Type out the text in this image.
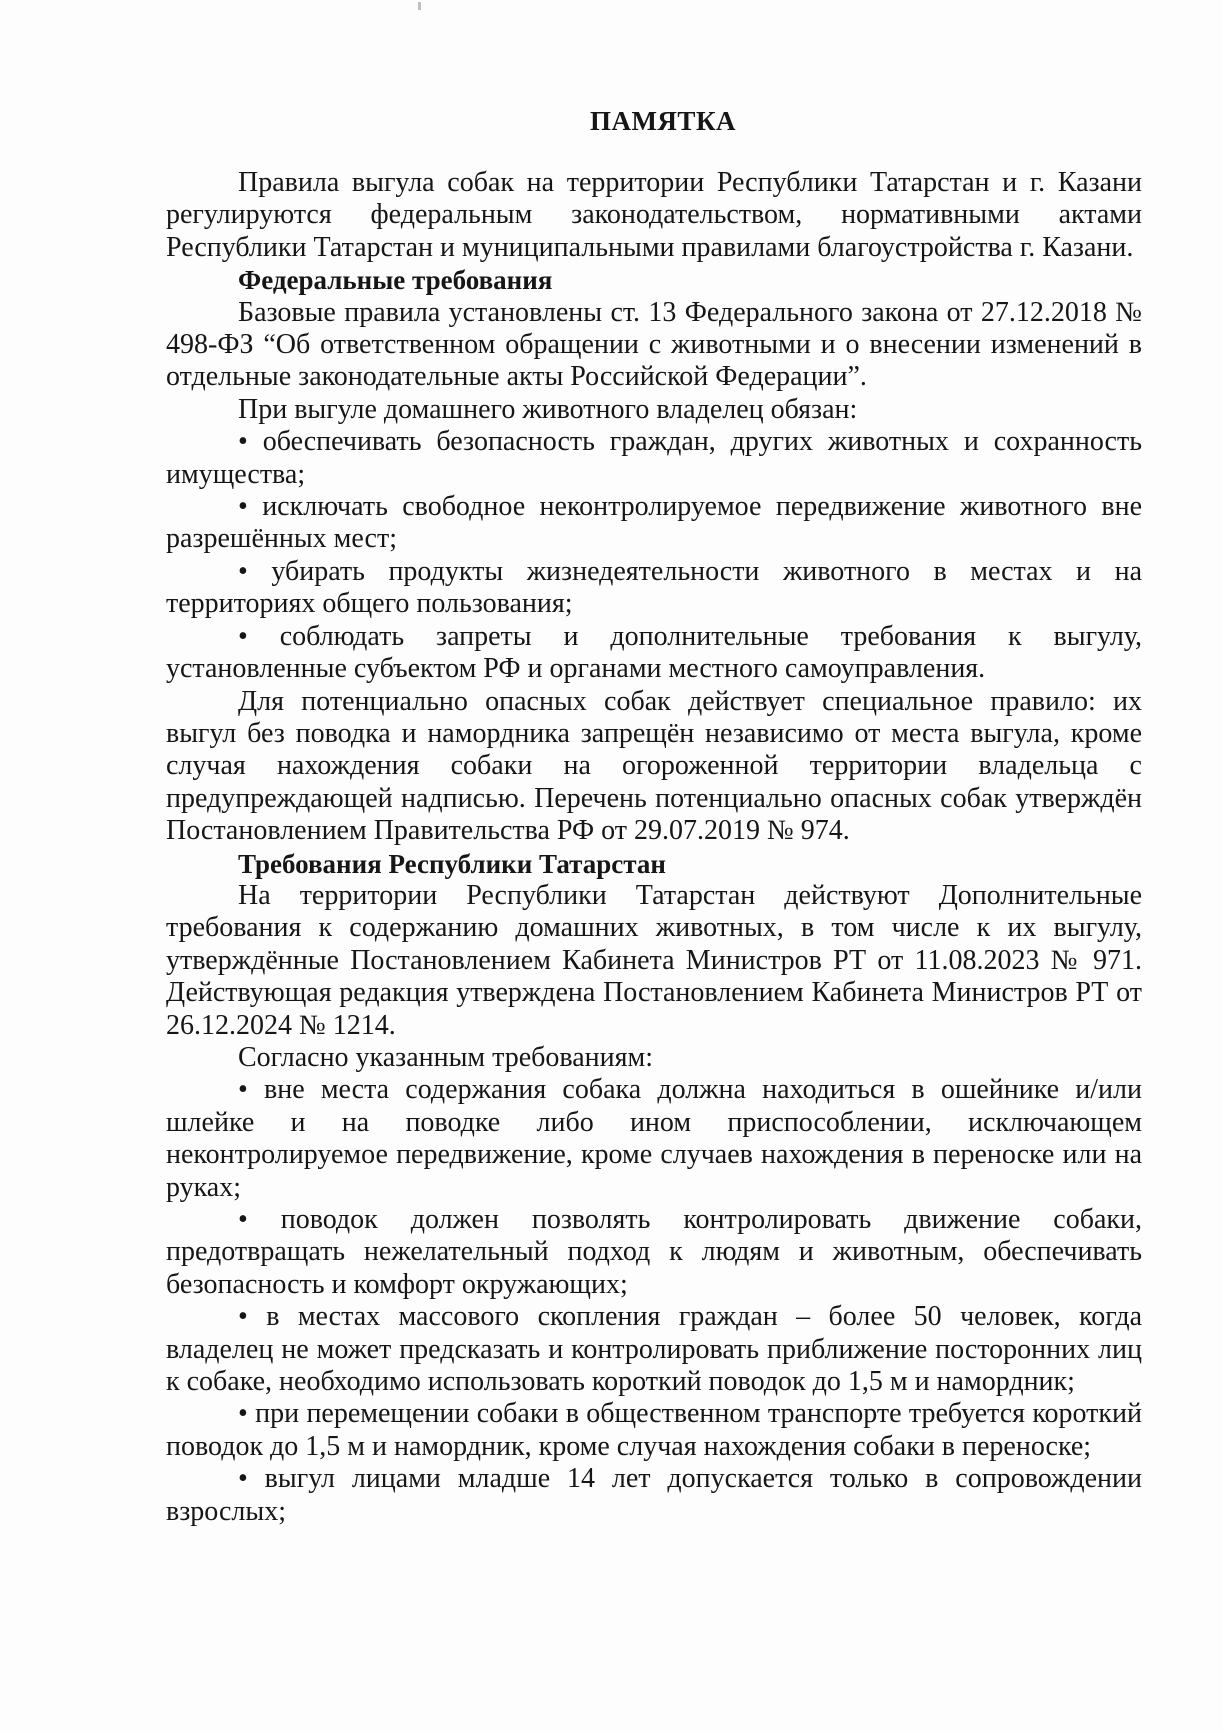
ПАМЯТКА

Правила выгула собак на территории Республики Татарстан и г. Казани регулируются федеральным законодательством, нормативными актами Республики Татарстан и муниципальными правилами благоустройства г. Казани.

Федеральные требования

Базовые правила установлены ст. 13 Федерального закона от 27.12.2018 № 498-ФЗ “Об ответственном обращении с животными и о внесении изменений в отдельные законодательные акты Российской Федерации”.

При выгуле домашнего животного владелец обязан:

• обеспечивать безопасность граждан, других животных и сохранность имущества;

• исключать свободное неконтролируемое передвижение животного вне разрешённых мест;

• убирать продукты жизнедеятельности животного в местах и на территориях общего пользования;

• соблюдать запреты и дополнительные требования к выгулу, установленные субъектом РФ и органами местного самоуправления.

Для потенциально опасных собак действует специальное правило: их выгул без поводка и намордника запрещён независимо от места выгула, кроме случая нахождения собаки на огороженной территории владельца с предупреждающей надписью. Перечень потенциально опасных собак утверждён Постановлением Правительства РФ от 29.07.2019 № 974.

Требования Республики Татарстан

На территории Республики Татарстан действуют Дополнительные требования к содержанию домашних животных, в том числе к их выгулу, утверждённые Постановлением Кабинета Министров РТ от 11.08.2023 № 971. Действующая редакция утверждена Постановлением Кабинета Министров РТ от 26.12.2024 № 1214.

Согласно указанным требованиям:

• вне места содержания собака должна находиться в ошейнике и/или шлейке и на поводке либо ином приспособлении, исключающем неконтролируемое передвижение, кроме случаев нахождения в переноске или на руках;

• поводок должен позволять контролировать движение собаки, предотвращать нежелательный подход к людям и животным, обеспечивать безопасность и комфорт окружающих;

• в местах массового скопления граждан – более 50 человек, когда владелец не может предсказать и контролировать приближение посторонних лиц к собаке, необходимо использовать короткий поводок до 1,5 м и намордник;

• при перемещении собаки в общественном транспорте требуется короткий поводок до 1,5 м и намордник, кроме случая нахождения собаки в переноске;

• выгул лицами младше 14 лет допускается только в сопровождении взрослых;
